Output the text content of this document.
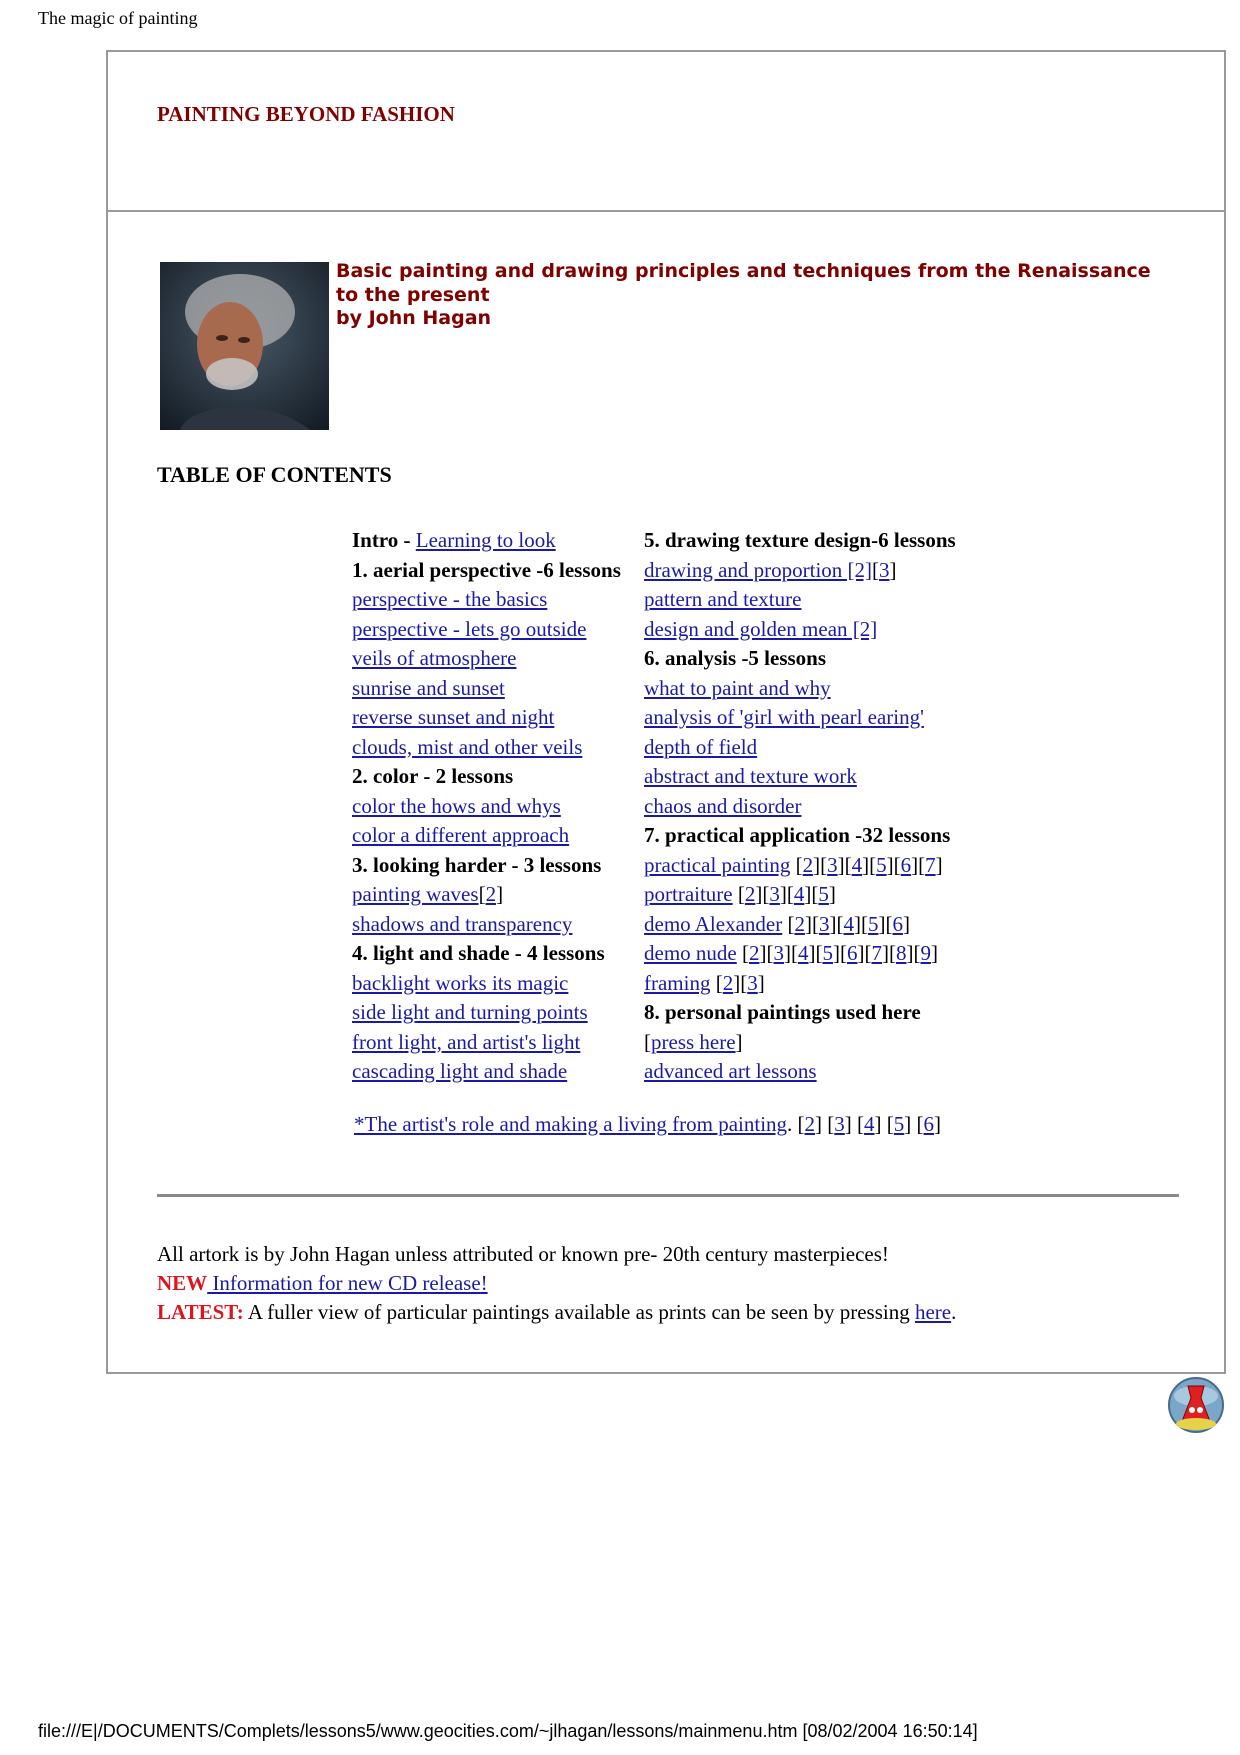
The magic of painting
PAINTING BEYOND FASHION
Basic painting and drawing principles and techniques from the Renaissance
to the present
by John Hagan
TABLE OF CONTENTS
Intro - Learning to look
1. aerial perspective -6 lessons
perspective - the basics
perspective - lets go outside
veils of atmosphere
sunrise and sunset
reverse sunset and night
clouds, mist and other veils
2. color - 2 lessons
color the hows and whys
color a different approach
3. looking harder - 3 lessons
painting waves[2]
shadows and transparency
4. light and shade - 4 lessons
backlight works its magic
side light and turning points
front light, and artist's light
cascading light and shade
5. drawing texture design-6 lessons
drawing and proportion [2][3]
pattern and texture
design and golden mean [2]
6. analysis -5 lessons
what to paint and why
analysis of 'girl with pearl earing'
depth of field
abstract and texture work
chaos and disorder
7. practical application -32 lessons
practical painting [2][3][4][5][6][7]
portraiture [2][3][4][5]
demo Alexander [2][3][4][5][6]
demo nude [2][3][4][5][6][7][8][9]
framing [2][3]
8. personal paintings used here
[press here]
advanced art lessons
*The artist's role and making a living from painting. [2] [3] [4] [5] [6]
All artork is by John Hagan unless attributed or known pre- 20th century masterpieces!
NEW Information for new CD release!
LATEST: A fuller view of particular paintings available as prints can be seen by pressing here.
file:///E|/DOCUMENTS/Complets/lessons5/www.geocities.com/~jlhagan/lessons/mainmenu.htm [08/02/2004 16:50:14]
